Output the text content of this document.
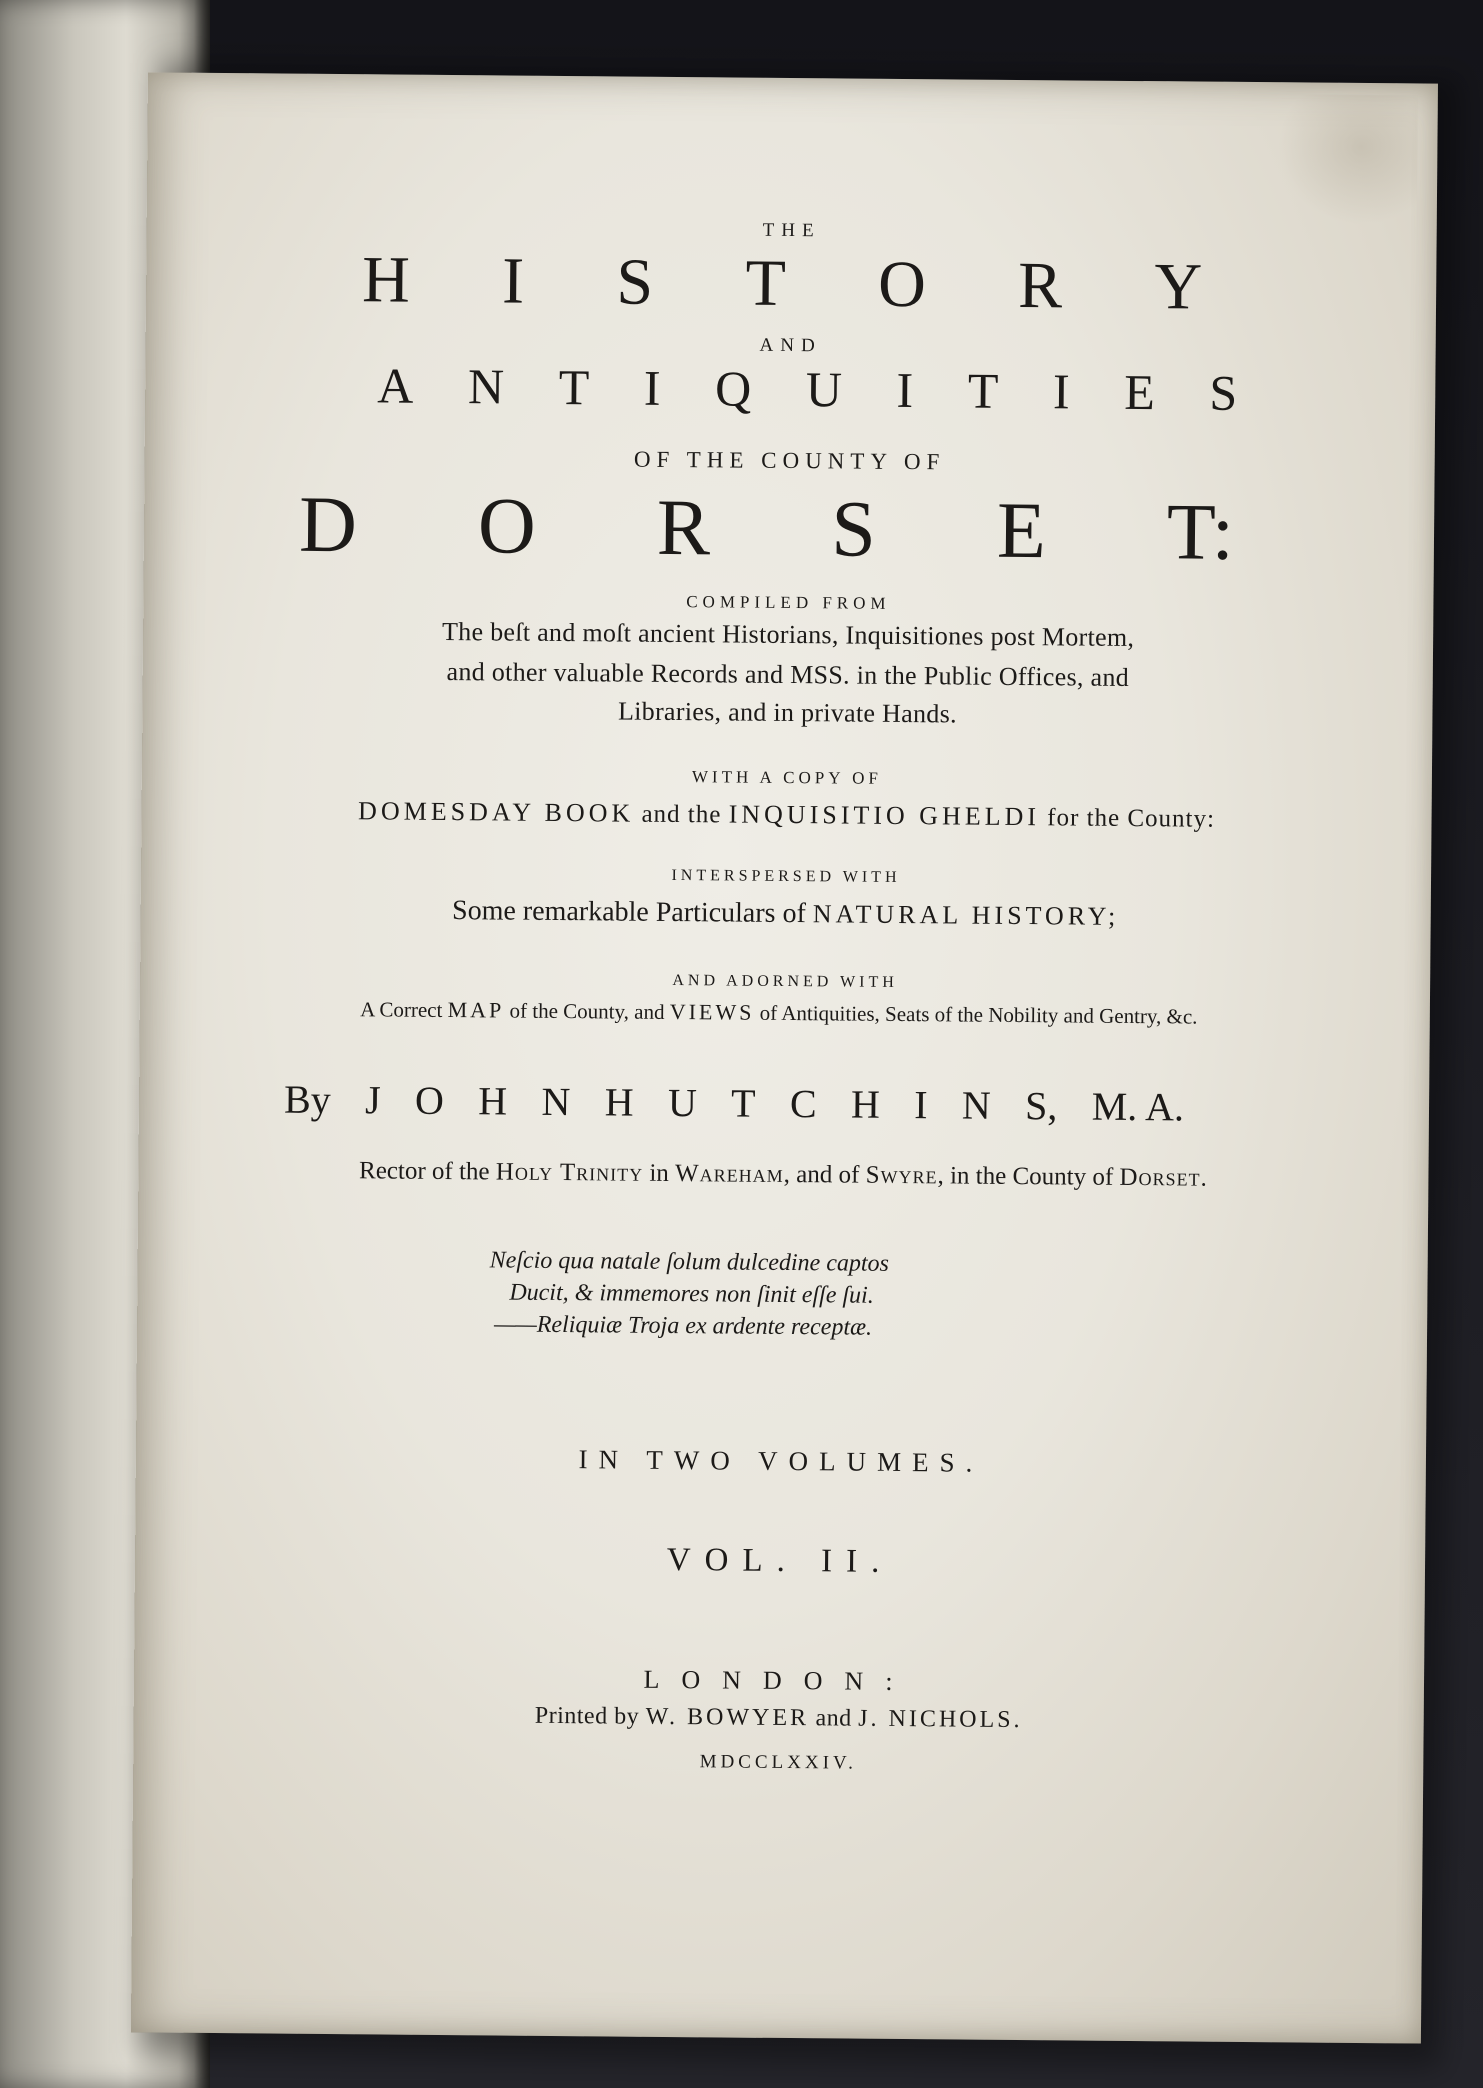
THE
H I S T O R Y
AND
A N T I Q U I T I E S
OF THE COUNTY OF
D O R S E T:
COMPILED FROM
The beſt and moſt ancient Historians, Inquisitiones post Mortem,
and other valuable Records and MSS. in the Public Offices, and
Libraries, and in private Hands.
WITH A COPY OF
DOMESDAY BOOK and the INQUISITIO GHELDI for the County:
INTERSPERSED WITH
Some remarkable Particulars of NATURAL HISTORY;
AND ADORNED WITH
A Correct MAP of the County, and VIEWS of Antiquities, Seats of the Nobility and Gentry, &c.
By J O H N H U T C H I N S, M. A.
Rector of the Holy Trinity in Wareham, and of Swyre, in the County of Dorset.
Neſcio qua natale ſolum dulcedine captos
Ducit, & immemores non ſinit eſſe ſui.
——Reliquiæ Troja ex ardente receptæ.
IN TWO VOLUMES.
VOL. II.
LONDON:
Printed by W. BOWYER and J. NICHOLS.
MDCCLXXIV.
